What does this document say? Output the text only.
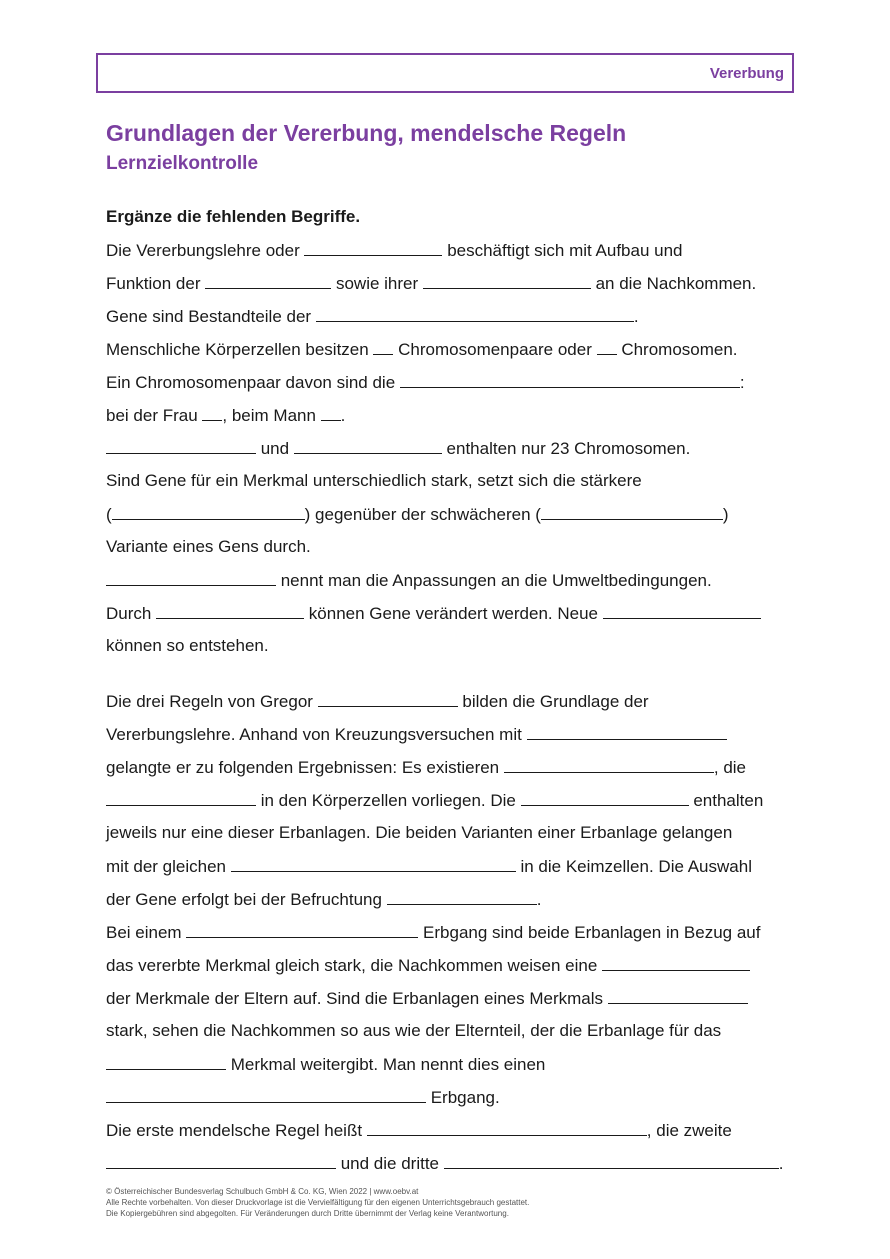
Vererbung
Grundlagen der Vererbung, mendelsche Regeln
Lernzielkontrolle
Ergänze die fehlenden Begriffe.
Die Vererbungslehre oder	beschäftigt sich mit Aufbau und
Funktion der	sowie ihrer	an die Nachkommen.
Gene sind Bestandteile der	.
Menschliche Körperzellen besitzen  Chromosomenpaare oder  Chromosomen.
Ein Chromosomenpaar davon sind die	:
bei der Frau , beim Mann .
und	enthalten nur 23 Chromosomen.
Sind Gene für ein Merkmal unterschiedlich stark, setzt sich die stärkere
(	) gegenüber der schwächeren (	)
Variante eines Gens durch.
nennt man die Anpassungen an die Umweltbedingungen.
Durch	können Gene verändert werden. Neue
können so entstehen.
Die drei Regeln von Gregor	bilden die Grundlage der
Vererbungslehre. Anhand von Kreuzungsversuchen mit
gelangte er zu folgenden Ergebnissen: Es existieren	, die
in den Körperzellen vorliegen. Die	enthalten
jeweils nur eine dieser Erbanlagen. Die beiden Varianten einer Erbanlage gelangen
mit der gleichen	in die Keimzellen. Die Auswahl
der Gene erfolgt bei der Befruchtung	.
Bei einem	Erbgang sind beide Erbanlagen in Bezug auf
das vererbte Merkmal gleich stark, die Nachkommen weisen eine
der Merkmale der Eltern auf. Sind die Erbanlagen eines Merkmals
stark, sehen die Nachkommen so aus wie der Elternteil, der die Erbanlage für das
Merkmal weitergibt. Man nennt dies einen
Erbgang.
Die erste mendelsche Regel heißt	, die zweite
und die dritte	.
© Österreichischer Bundesverlag Schulbuch GmbH & Co. KG, Wien 2022 | www.oebv.at
Alle Rechte vorbehalten. Von dieser Druckvorlage ist die Vervielfältigung für den eigenen Unterrichtsgebrauch gestattet.
Die Kopiergebühren sind abgegolten. Für Veränderungen durch Dritte übernimmt der Verlag keine Verantwortung.
